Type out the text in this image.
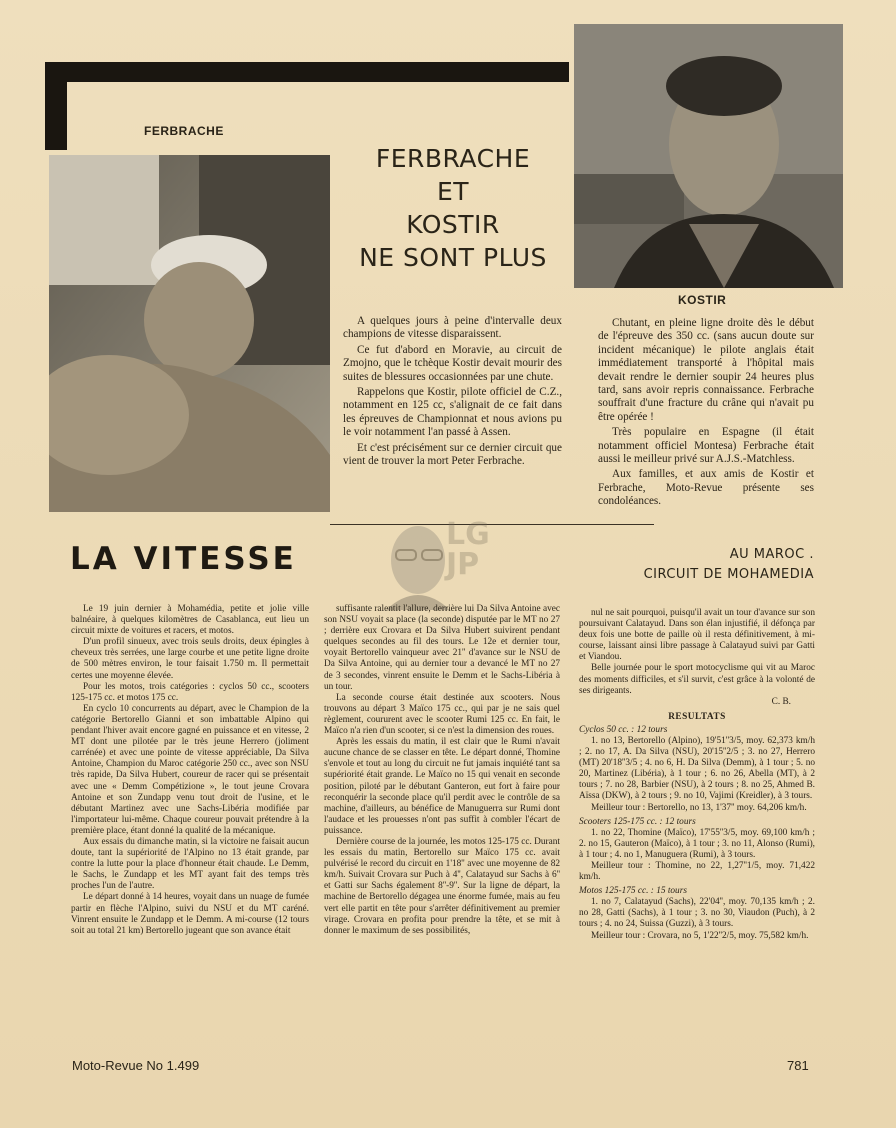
FERBRACHE
FERBRACHE
ET
KOSTIR
NE SONT PLUS
KOSTIR

A quelques jours à peine d'intervalle deux champions de vitesse disparaissent.

Ce fut d'abord en Moravie, au circuit de Zmojno, que le tchèque Kostir devait mourir des suites de blessures occasionnées par une chute.

Rappelons que Kostir, pilote officiel de C.Z., notamment en 125 cc, s'alignait de ce fait dans les épreuves de Championnat et nous avions pu le voir notamment l'an passé à Assen.

Et c'est précisément sur ce dernier circuit que vient de trouver la mort Peter Ferbrache.

Chutant, en pleine ligne droite dès le début de l'épreuve des 350 cc. (sans aucun doute sur incident mécanique) le pilote anglais était immédiatement transporté à l'hôpital mais devait rendre le dernier soupir 24 heures plus tard, sans avoir repris connaissance. Ferbrache souffrait d'une fracture du crâne qui n'avait pu être opérée !

Très populaire en Espagne (il était notamment officiel Montesa) Ferbrache était aussi le meilleur privé sur A.J.S.-Matchless.

Aux familles, et aux amis de Kostir et Ferbrache, Moto-Revue présente ses condoléances.

LG
JP
LA VITESSE	AU MAROC .
CIRCUIT DE MOHAMEDIA

Le 19 juin dernier à Mohamédia, petite et jolie ville balnéaire, à quelques kilomètres de Casablanca, eut lieu un circuit mixte de voitures et racers, et motos.

D'un profil sinueux, avec trois seuls droits, deux épingles à cheveux très serrées, une large courbe et une petite ligne droite de 500 mètres environ, le tour faisait 1.750 m. Il permettait certes une moyenne élevée.

Pour les motos, trois catégories : cyclos 50 cc., scooters 125-175 cc. et motos 175 cc.

En cyclo 10 concurrents au départ, avec le Champion de la catégorie Bertorello Gianni et son imbattable Alpino qui pendant l'hiver avait encore gagné en puissance et en vitesse, 2 MT dont une pilotée par le très jeune Herrero (joliment carrénée) et avec une pointe de vitesse appréciable, Da Silva Antoine, Champion du Maroc catégorie 250 cc., avec son NSU très rapide, Da Silva Hubert, coureur de racer qui se présentait avec une « Demm Compétizione », le tout jeune Crovara Antoine et son Zundapp venu tout droit de l'usine, et le débutant Martinez avec une Sachs-Libéria modifiée par l'importateur lui-même. Chaque coureur pouvait prétendre à la première place, étant donné la qualité de la mécanique.

Aux essais du dimanche matin, si la victoire ne faisait aucun doute, tant la supériorité de l'Alpino no 13 était grande, par contre la lutte pour la place d'honneur était chaude. Le Demm, le Sachs, le Zundapp et les MT ayant fait des temps très proches l'un de l'autre.

Le départ donné à 14 heures, voyait dans un nuage de fumée partir en flèche l'Alpino, suivi du NSU et du MT caréné. Vinrent ensuite le Zundapp et le Demm. A mi-course (12 tours soit au total 21 km) Bertorello jugeant que son avance était

suffisante ralentit l'allure, derrière lui Da Silva Antoine avec son NSU voyait sa place (la seconde) disputée par le MT no 27 ; derrière eux Crovara et Da Silva Hubert suivirent pendant quelques secondes au fil des tours. Le 12e et dernier tour, voyait Bertorello vainqueur avec 21'' d'avance sur le NSU de Da Silva Antoine, qui au dernier tour a devancé le MT no 27 de 3 secondes, vinrent ensuite le Demm et le Sachs-Libéria à un tour.

La seconde course était destinée aux scooters. Nous trouvons au départ 3 Maïco 175 cc., qui par je ne sais quel règlement, coururent avec le scooter Rumi 125 cc. En fait, le Maïco n'a rien d'un scooter, si ce n'est la dimension des roues.

Après les essais du matin, il est clair que le Rumi n'avait aucune chance de se classer en tête. Le départ donné, Thomine s'envole et tout au long du circuit ne fut jamais inquiété tant sa supériorité était grande. Le Maïco no 15 qui venait en seconde position, piloté par le débutant Ganteron, eut fort à faire pour reconquérir la seconde place qu'il perdit avec le contrôle de sa machine, d'ailleurs, au bénéfice de Manuguerra sur Rumi dont l'audace et les prouesses n'ont pas suffit à combler l'écart de puissance.

Dernière course de la journée, les motos 125-175 cc. Durant les essais du matin, Bertorello sur Maïco 175 cc. avait pulvérisé le record du circuit en 1'18'' avec une moyenne de 82 km/h. Suivait Crovara sur Puch à 4'', Calatayud sur Sachs à 6'' et Gatti sur Sachs également 8''-9''. Sur la ligne de départ, la machine de Bertorello dégagea une énorme fumée, mais au feu vert elle partit en tête pour s'arrêter définitivement au premier virage. Crovara en profita pour prendre la tête, et se mit à donner le maximum de ses possibilités,

nul ne sait pourquoi, puisqu'il avait un tour d'avance sur son poursuivant Calatayud. Dans son élan injustifié, il défonça par deux fois une botte de paille où il resta définitivement, à mi-course, laissant ainsi libre passage à Calatayud suivi par Gatti et Viandou.

Belle journée pour le sport motocyclisme qui vit au Maroc des moments difficiles, et s'il survit, c'est grâce à la volonté de ses dirigeants.

C. B.

RESULTATS

Cyclos 50 cc. : 12 tours

1. no 13, Bertorello (Alpino), 19'51''3/5, moy. 62,373 km/h ; 2. no 17, A. Da Silva (NSU), 20'15''2/5 ; 3. no 27, Herrero (MT) 20'18''3/5 ; 4. no 6, H. Da Silva (Demm), à 1 tour ; 5. no 20, Martinez (Libéria), à 1 tour ; 6. no 26, Abella (MT), à 2 tours ; 7. no 28, Barbier (NSU), à 2 tours ; 8. no 25, Ahmed B. Aïssa (DKW), à 2 tours ; 9. no 10, Vajimi (Kreidler), à 3 tours.

Meilleur tour : Bertorello, no 13, 1'37'' moy. 64,206 km/h.

Scooters 125-175 cc. : 12 tours

1. no 22, Thomine (Maïco), 17'55''3/5, moy. 69,100 km/h ; 2. no 15, Gauteron (Maïco), à 1 tour ; 3. no 11, Alonso (Rumi), à 1 tour ; 4. no 1, Manuguera (Rumi), à 3 tours.

Meilleur tour : Thomine, no 22, 1,27''1/5, moy. 71,422 km/h.

Motos 125-175 cc. : 15 tours

1. no 7, Calatayud (Sachs), 22'04'', moy. 70,135 km/h ; 2. no 28, Gatti (Sachs), à 1 tour ; 3. no 30, Viaudon (Puch), à 2 tours ; 4. no 24, Suissa (Guzzi), à 3 tours.

Meilleur tour : Crovara, no 5, 1'22''2/5, moy. 75,582 km/h.

Moto-Revue No 1.499	781
